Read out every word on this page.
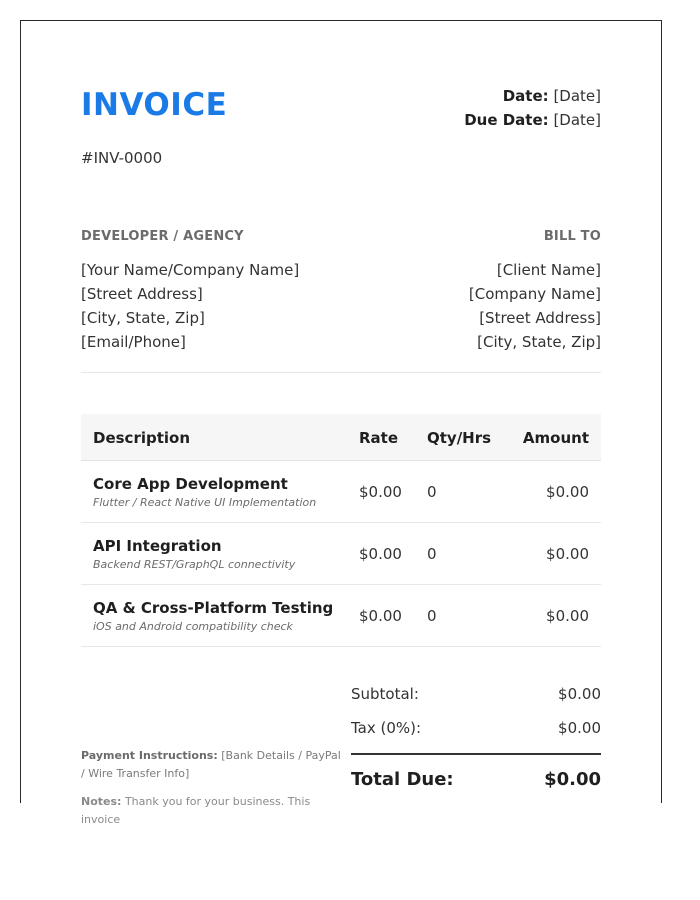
INVOICE
#INV-0000
Date: [Date]
Due Date: [Date]
DEVELOPER / AGENCY	BILL TO
[Your Name/Company Name]
[Street Address]
[City, State, Zip]
[Email/Phone]
[Client Name]
[Company Name]
[Street Address]
[City, State, Zip]
Description	Rate Qty/Hrs Amount
Core App Development
Flutter / React Native UI Implementation
$0.00 0	$0.00
API Integration
Backend REST/GraphQL connectivity
$0.00 0	$0.00
QA & Cross-Platform Testing
iOS and Android compatibility check
$0.00 0	$0.00
Subtotal:	$0.00
Tax (0%):	$0.00
Total Due:	$0.00
Payment Instructions: [Bank Details / PayPal / Wire Transfer Info]
Notes: Thank you for your business. This invoice
